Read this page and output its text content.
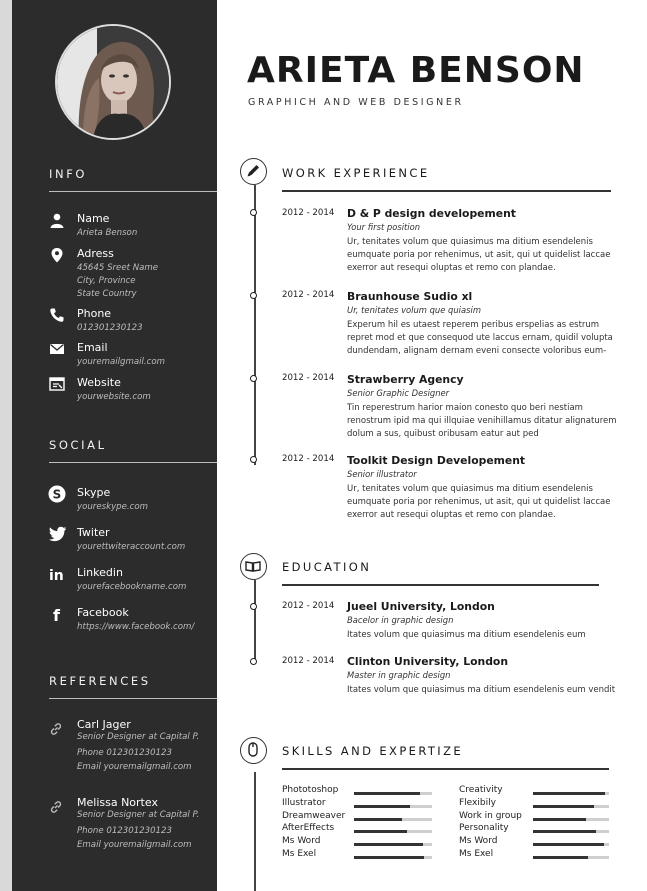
INFO
Name
Arieta Benson
Adress
45645 Sreet Name
City, Province
State Country
Phone
012301230123
Email
youremailgmail.com
Website
yourwebsite.com
SOCIAL
S Skype
youreskype.com
Twiter
yourettwiteraccount.com
in Linkedin
yourefacebookname.com
f Facebook
https://www.facebook.com/
REFERENCES
Carl Jager
Senior Designer at Capital P.
Phone 012301230123
Email youremailgmail.com
Melissa Nortex
Senior Designer at Capital P.
Phone 012301230123
Email youremailgmail.com
ARIETA BENSON
GRAPHICH AND WEB DESIGNER
WORK EXPERIENCE
2012 - 2014 D & P design developement
Your first position
Ur, tenitates volum que quiasimus ma ditium esendelenis
eumquate poria por rehenimus, ut asit, qui ut quidelist laccae
exerror aut resequi oluptas et remo con plandae.
2012 - 2014 Braunhouse Sudio xl
Ur, tenitates volum que quiasim
Experum hil es utaest reperem peribus erspelias as estrum
repret mod et que consequod ute laccus ernam, quidil volupta
dundendam, alignam dernam eveni consecte voloribus eum-
2012 - 2014 Strawberry Agency
Senior Graphic Designer
Tin reperestrum harior maion conesto quo beri nestiam
renostrum ipid ma qui illquiae venihillamus ditatur alignaturem
dolum a sus, quibust oribusam eatur aut ped
2012 - 2014 Toolkit Design Developement
Senior illustrator
Ur, tenitates volum que quiasimus ma ditium esendelenis
eumquate poria por rehenimus, ut asit, qui ut quidelist laccae
exerror aut resequi oluptas et remo con plandae.
EDUCATION
2012 - 2014 Jueel University, London
Bacelor in graphic design
Itates volum que quiasimus ma ditium esendelenis eum
2012 - 2014 Clinton University, London
Master in graphic design
Itates volum que quiasimus ma ditium esendelenis eum vendit
SKILLS AND EXPERTIZE
Phototoshop
Illustrator
Dreamweaver
AfterEffects
Ms Word
Ms Exel
Creativity
Flexibily
Work in group
Personality
Ms Word
Ms Exel
